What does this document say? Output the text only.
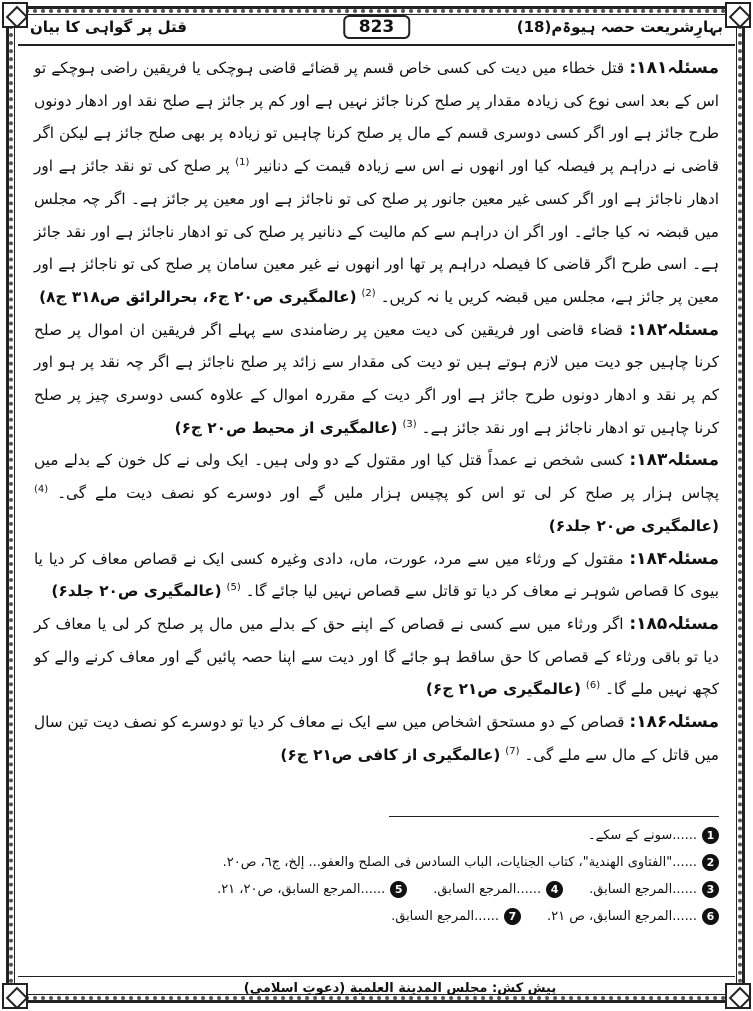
بہارِشریعت حصہ ہیوۃم(18)
823
قتل پر گواہی کا بیان

مسئلہ۱۸۱: قتل خطاء میں دیت کی کسی خاص قسم پر قضائے قاضی ہوچکی یا فریقین راضی ہوچکے تو اس کے بعد اسی نوع کی زیادہ مقدار پر صلح کرنا جائز نہیں ہے اور کم پر جائز ہے صلح نقد اور ادھار دونوں طرح جائز ہے اور اگر کسی دوسری قسم کے مال پر صلح کرنا چاہیں تو زیادہ پر بھی صلح جائز ہے لیکن اگر قاضی نے دراہم پر فیصلہ کیا اور انھوں نے اس سے زیادہ قیمت کے دنانیر $^{(1)}$ پر صلح کی تو نقد جائز ہے اور ادھار ناجائز ہے اور اگر کسی غیر معین جانور پر صلح کی تو ناجائز ہے اور معین پر جائز ہے۔ اگر چہ مجلس میں قبضہ نہ کیا جائے۔ اور اگر ان دراہم سے کم مالیت کے دنانیر پر صلح کی تو ادھار ناجائز ہے اور نقد جائز ہے۔ اسی طرح اگر قاضی کا فیصلہ دراہم پر تھا اور انھوں نے غیر معین سامان پر صلح کی تو ناجائز ہے اور معین پر جائز ہے، مجلس میں قبضہ کریں یا نہ کریں۔ $^{(2)}$ (عالمگیری ص۲۰ ج۶، بحرالرائق ص۳۱۸ ج۸)

مسئلہ۱۸۲: قضاء قاضی اور فریقین کی دیت معین پر رضامندی سے پہلے اگر فریقین ان اموال پر صلح کرنا چاہیں جو دیت میں لازم ہوتے ہیں تو دیت کی مقدار سے زائد پر صلح ناجائز ہے اگر چہ نقد پر ہو اور کم پر نقد و ادھار دونوں طرح جائز ہے اور اگر دیت کے مقررہ اموال کے علاوہ کسی دوسری چیز پر صلح کرنا چاہیں تو ادھار ناجائز ہے اور نقد جائز ہے۔ $^{(3)}$ (عالمگیری از محیط ص۲۰ ج۶)

مسئلہ۱۸۳: کسی شخص نے عمداً قتل کیا اور مقتول کے دو ولی ہیں۔ ایک ولی نے کل خون کے بدلے میں پچاس ہزار پر صلح کر لی تو اس کو پچیس ہزار ملیں گے اور دوسرے کو نصف دیت ملے گی۔ $^{(4)}$ (عالمگیری ص۲۰ جلد۶)

مسئلہ۱۸۴: مقتول کے ورثاء میں سے مرد، عورت، ماں، دادی وغیرہ کسی ایک نے قصاص معاف کر دیا یا بیوی کا قصاص شوہر نے معاف کر دیا تو قاتل سے قصاص نہیں لیا جائے گا۔ $^{(5)}$ (عالمگیری ص۲۰ جلد۶)

مسئلہ۱۸۵: اگر ورثاء میں سے کسی نے قصاص کے اپنے حق کے بدلے میں مال پر صلح کر لی یا معاف کر دیا تو باقی ورثاء کے قصاص کا حق ساقط ہو جائے گا اور دیت سے اپنا حصہ پائیں گے اور معاف کرنے والے کو کچھ نہیں ملے گا۔ $^{(6)}$ (عالمگیری ص۲۱ ج۶)

مسئلہ۱۸۶: قصاص کے دو مستحق اشخاص میں سے ایک نے معاف کر دیا تو دوسرے کو نصف دیت تین سال میں قاتل کے مال سے ملے گی۔ $^{(7)}$ (عالمگیری از کافی ص۲۱ ج۶)

1
......سونے کے سکے۔
2
......"الفتاوی الھندیة"، کتاب الجنایات، الباب السادس فی الصلح والعفو... إلخ، ج٦، ص٢٠.
3
......المرجع السابق.
4
......المرجع السابق.
5
......المرجع السابق، ص٢٠، ٢١.
6
......المرجع السابق، ص ٢١.
7
......المرجع السابق.
پیش کش: مجلس المدینة العلمیة (دعوتِ اسلامی)
